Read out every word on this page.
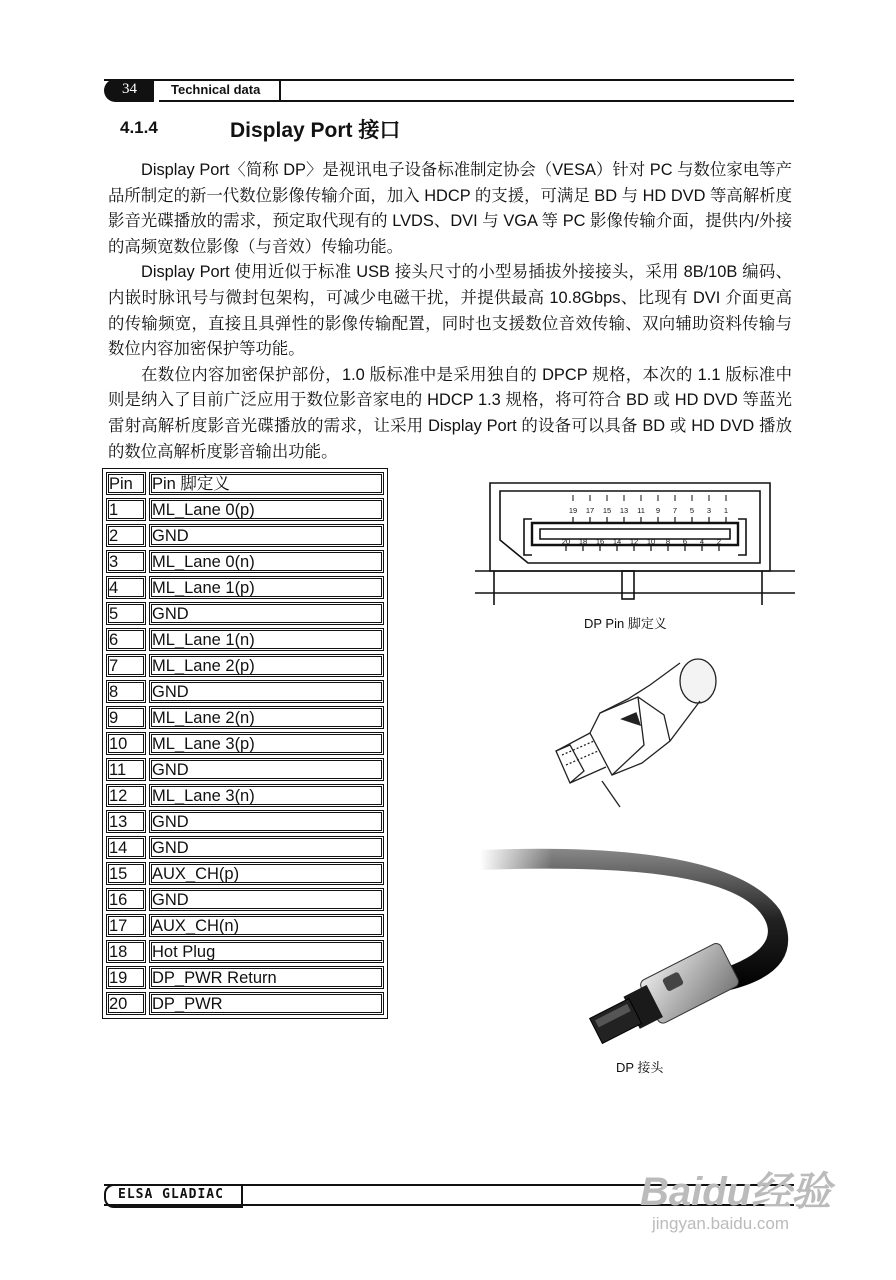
34	Technical data
4.1.4	Display Port 接口

Display Port〈简称 DP〉是视讯电子设备标准制定协会（VESA）针对 PC 与数位家电等产品所制定的新一代数位影像传输介面，加入 HDCP 的支援，可满足 BD 与 HD DVD 等高解析度影音光碟播放的需求，预定取代现有的 LVDS、DVI 与 VGA 等 PC 影像传输介面，提供内/外接的高频宽数位影像（与音效）传输功能。

Display Port 使用近似于标准 USB 接头尺寸的小型易插拔外接接头，采用 8B/10B 编码、内嵌时脉讯号与微封包架构，可减少电磁干扰，并提供最高 10.8Gbps、比现有 DVI 介面更高的传输频宽，直接且具弹性的影像传输配置，同时也支援数位音效传输、双向辅助资料传输与数位内容加密保护等功能。

在数位内容加密保护部份，1.0 版标准中是采用独自的 DPCP 规格，本次的 1.1 版标准中则是纳入了目前广泛应用于数位影音家电的 HDCP 1.3 规格，将可符合 BD 或 HD DVD 等蓝光雷射高解析度影音光碟播放的需求，让采用 Display Port 的设备可以具备 BD 或 HD DVD 播放的数位高解析度影音输出功能。

Pin	Pin 脚定义
1	ML_Lane 0(p)
2	GND
3	ML_Lane 0(n)
4	ML_Lane 1(p)
5	GND
6	ML_Lane 1(n)
7	ML_Lane 2(p)
8	GND
9	ML_Lane 2(n)
10	ML_Lane 3(p)
11	GND
12	ML_Lane 3(n)
13	GND
14	GND
15	AUX_CH(p)
16	GND
17	AUX_CH(n)
18	Hot Plug
19	DP_PWR Return
20	DP_PWR
19 17 15 13 11 9 7 5 3 1
20 18 16 14 12 10 8 6 4 2
DP Pin 脚定义
DP 接头
ELSA GLADIAC	Baidu经验
jingyan.baidu.com
